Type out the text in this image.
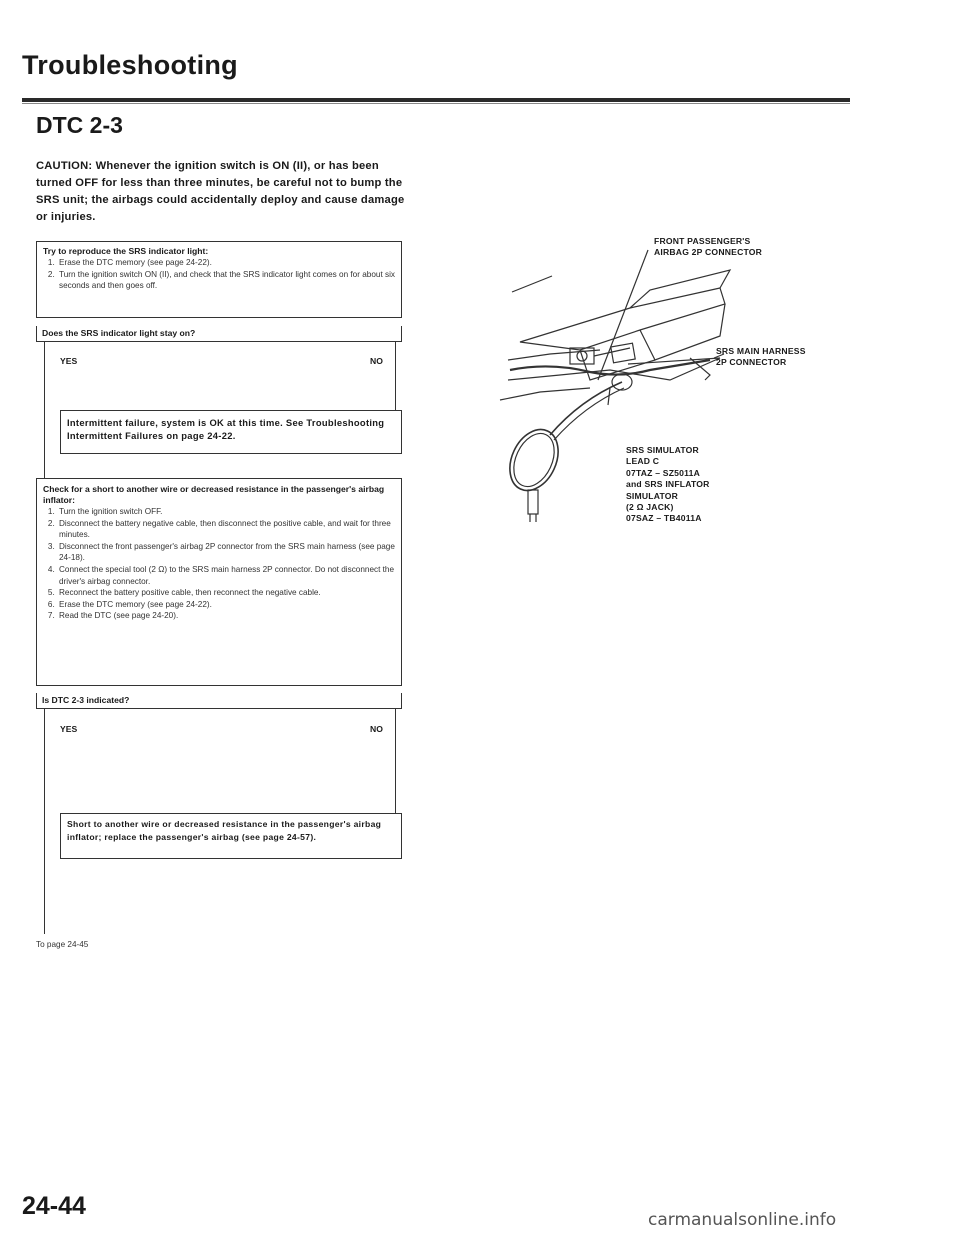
Troubleshooting
DTC 2-3
CAUTION: Whenever the ignition switch is ON (II), or has been turned OFF for less than three minutes, be careful not to bump the SRS unit; the airbags could accidentally deploy and cause damage or injuries.
Try to reproduce the SRS indicator light:
1. Erase the DTC memory (see page 24-22).
2. Turn the ignition switch ON (II), and check that the SRS indicator light comes on for about six seconds and then goes off.
Does the SRS indicator light stay on?
YES	NO
Intermittent failure, system is OK at this time. See Troubleshooting Intermittent Failures on page 24-22.
Check for a short to another wire or decreased resistance in the passenger's airbag inflator:
1. Turn the ignition switch OFF.
2. Disconnect the battery negative cable, then disconnect the positive cable, and wait for three minutes.
3. Disconnect the front passenger's airbag 2P connector from the SRS main harness (see page 24-18).
4. Connect the special tool (2 Ω) to the SRS main harness 2P connector. Do not disconnect the driver's airbag connector.
5. Reconnect the battery positive cable, then reconnect the negative cable.
6. Erase the DTC memory (see page 24-22).
7. Read the DTC (see page 24-20).
Is DTC 2-3 indicated?
YES	NO
Short to another wire or decreased resistance in the passenger's airbag inflator; replace the passenger's airbag (see page 24-57).
To page 24-45
FRONT PASSENGER'S
AIRBAG 2P CONNECTOR
SRS MAIN HARNESS
2P CONNECTOR
SRS SIMULATOR
LEAD C
07TAZ – SZ5011A
and SRS INFLATOR
SIMULATOR
(2 Ω JACK)
07SAZ – TB4011A
24-44	carmanualsonline.info
